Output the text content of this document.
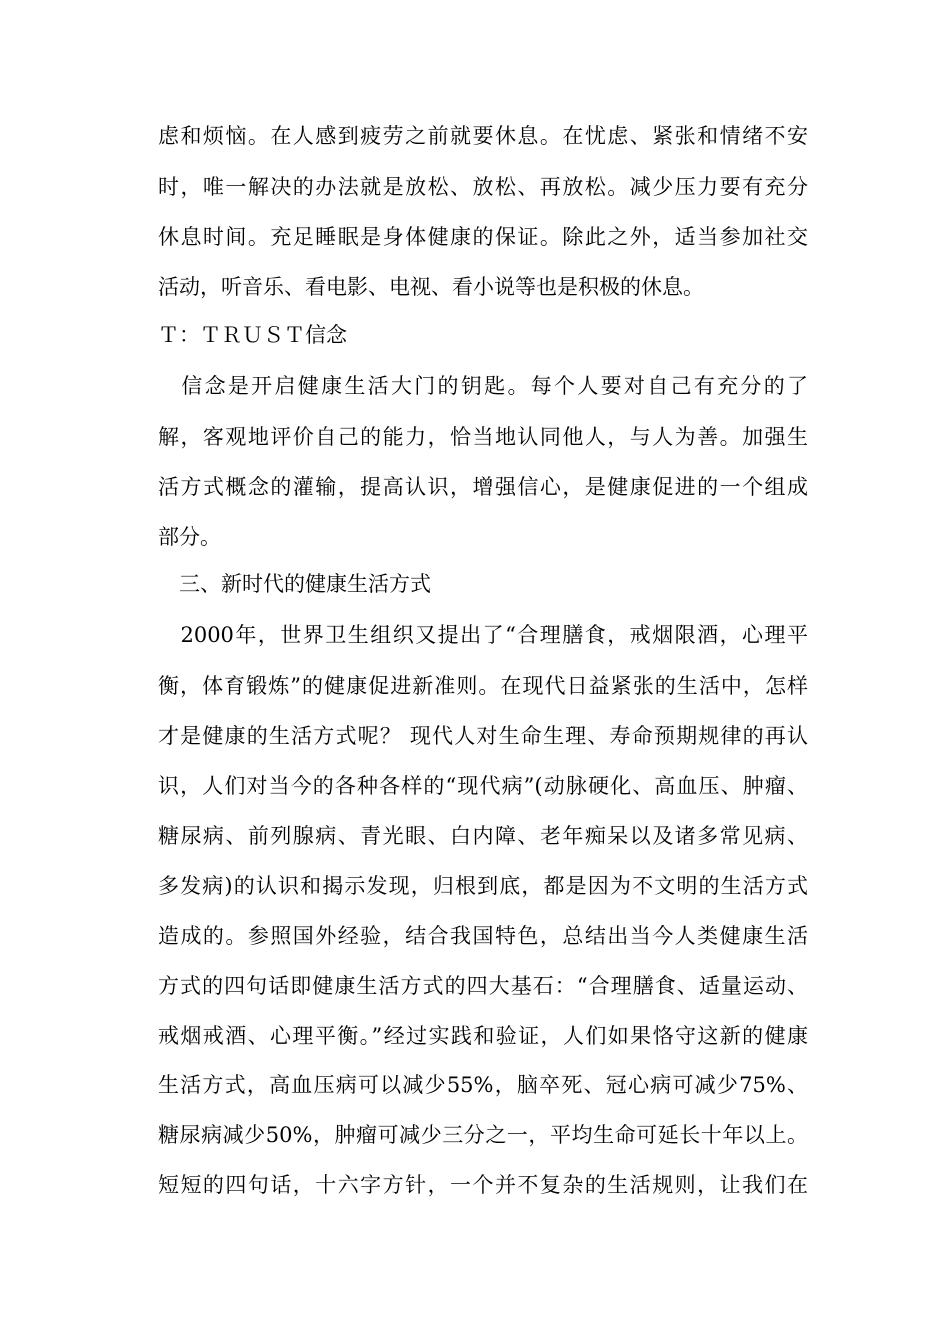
虑和烦恼。在人感到疲劳之前就要休息。在忧虑、紧张和情绪不安
时，唯一解决的办法就是放松、放松、再放松。减少压力要有充分
休息时间。充足睡眠是身体健康的保证。除此之外，适当参加社交
活动，听音乐、看电影、电视、看小说等也是积极的休息。
Ｔ：ＴＲＵＳＴ信念
　信念是开启健康生活大门的钥匙。每个人要对自己有充分的了
解，客观地评价自己的能力，恰当地认同他人，与人为善。加强生
活方式概念的灌输，提高认识，增强信心，是健康促进的一个组成
部分。
　三、新时代的健康生活方式
　2000年，世界卫生组织又提出了“合理膳食，戒烟限酒，心理平
衡，体育锻炼”的健康促进新准则。在现代日益紧张的生活中，怎样
才是健康的生活方式呢？ 现代人对生命生理、寿命预期规律的再认
识，人们对当今的各种各样的“现代病”(动脉硬化、高血压、肿瘤、
糖尿病、前列腺病、青光眼、白内障、老年痴呆以及诸多常见病、
多发病)的认识和揭示发现，归根到底，都是因为不文明的生活方式
造成的。参照国外经验，结合我国特色，总结出当今人类健康生活
方式的四句话即健康生活方式的四大基石：“合理膳食、适量运动、
戒烟戒酒、心理平衡。”经过实践和验证，人们如果恪守这新的健康
生活方式，高血压病可以减少55%，脑卒死、冠心病可减少75%、
糖尿病减少50%，肿瘤可减少三分之一，平均生命可延长十年以上。
短短的四句话，十六字方针，一个并不复杂的生活规则，让我们在
